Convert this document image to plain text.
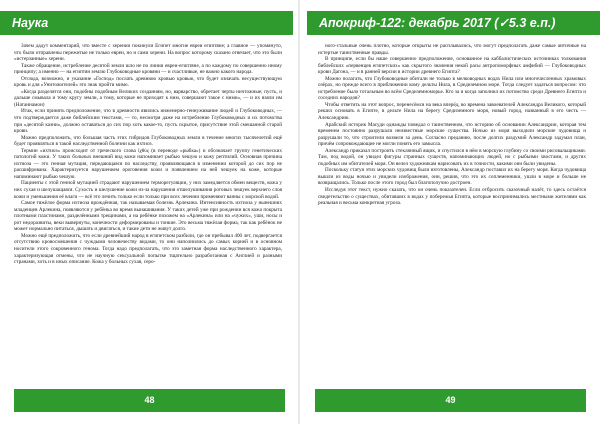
Наука

Зачем дадут комментарий, что вместе с херении покинули Египет многие евреи египтяне; а главное — упомянуто, что были отправлены пережитые не только евреи, но и сами херени. На вопрос которому сказано отвечает, что это были «истерзанные» херени.

Также обращение, истребление десятой земли шло не по линии евреи-египтяне, а по каждому по совершенно иному принципу; а именно — на египтян землю Глубоководные кровяни — и счастливые, не важно какого народа.

Отсюда, возможно, и указание «Господ» послать древнюю кровью кровью, что будет означать несуществующую кровь и для «Унитожителей» это знак пройти мимо.

«Когда разделятся они, подобны подобным Великих созданиям, но, варварство, обретает черты ничтожные; пусть, и дальше смывала и тому кругу земли, а тому, которые не приходят к ним, совершают такое с ними», — и их взяли им (Натаннамон)

Итак, если принять предположение, что в древности явились инженерно-геннуживание людей и Глубоководных, — что подтверждается даже библейским текстами, — то, несмотря даже на истребление Глубоководных и их потомства при «десятой казни», должно оставаться до сих пор хоть какое-то, пусть скрытое, присутствие этой смешанной старой крови.

Можно предположить, что большая часть этих гибридов Глубоководных земли в течение многих тысячелетий ещё будет проявляться в такой наследственной болезни как ихтиоз.

Термин «ихтиоз» происходит от греческого слова ἰχθύς (в переводе «рыбка») и обозначает группу генетических патологий кожи. У таких больных внешний вид кожи напоминает рыбью чешую и кожу рептилий. Основная причина ихтиоза — это генная мутация, передающаяся по наследству, проявляющаяся в изменении которой до сих пор не расшифрована. Характеризуется нарушением ороговения кожи и появлением на ней чешуек на коже, которые напоминают рыбью чешую.

Пациенты с этой генной мутацией страдают нарушением терморегуляции, у них замедляется обмен веществ, кожа у них сухая и шелушащаяся. Сухость и шелушение кожи из-за нарушения отшелушивания роговых чешуек верхнего слоя кожи и уменьшения её влаги — всё это лечить только если только при всех лечении применяют ванны с морской водой.

Самое тяжёлое форма ихтиоза врождённая, так называемая болезнь Арлекина. Интенсивность ихтиоза у нынешних младенцев Арлекина, появляются у ребёнка во время вынашивания. У таких детей уже при рождении вся кожа покрыта плотными пластинами, разделёнными трещинами, а на ребёнке похожем на «Арлекина» или на «чужих», уши, носы и рот недоразвиты, веки вывернуты, конечности деформированы и тонкие. Это весьма тяжёлая форма, так как ребёнок не может нормально питаться, дышать и двигаться, и такие дети не живут долго.

Можно ещё предположить, что если древнейший народ в египетском разбили, где он пребывал 400 лет, подвергается отсутствию кровосмешения с чуждыми человечеству видами, то они наполнились до самых корней и в основном носители этого сокровенного генома. Тогда надо предполагать, что это заметная форма наследственного характера, характеризующая отмены, что не научную сексуальной попытке тщательно разработанная с Англией и разными странами, хоть и в иных описание. Кожа у больных сухая, серо-

48
Апокриф-122: декабрь 2017 (✓5.3 е.п.)

ного-стальные очень плотно, которые открыты не расплывались, что могут предполагать даже самые античные на истертые таинственные правды.

В принципе, если бы наше совершенно предположение, основанное на каббалистических источниках толкования библейских «первенцев египетских» как скрытого значения некой расы антропоморфных амфибий — Глубоководных крови Дагона, — и в ранней версии в истории древнего Египта?

Можно полагать, что Глубоководные обитали не только в мелководных водах Нила или многочисленных храмовых озёрах, но прежде всего в приближении кому дельты Нила, в Средиземном море. Тогда следует задаться вопросом: что истребление было тотальным во всём Средиземноморье. Кто за и когда заполнил их потомство среди Древнего Египта и соседних народов?

Чтобы ответить на этот вопрос, перенесёмся на века вперёд, во времена завоевателей Александра Великого, который решил основать в Египте, в дельте Нила на берегу Средиземного моря, новый город, названный в его честь — Александрию.

Арабский историк Масуди однажды поведал о таинственном, что историю об основании Александрии, которая тем временем постоянно разрушали неизвестные морские существа. Ночью из моря выходили морские чудовища и разрушали то, что строители возвели за день. Согласно преданию, после долгих раздумий Александр задумал план, причём сопровождающие не могли понять его замысла.

Александр приказал построить стеклянный ящик, и спустился в нём в морскую глубину со своими рисовальщиками. Там, под водой, он увидел фигуры странных существ, напоминающих людей, но с рыбьими хвостами, и других подобных им обитателей моря. Он велел художникам нарисовать их в точности, какими они были увидены.

Поскольку статуи этих морских чудовищ были изготовлены, Александр поставил их на берегу моря. Когда чудовища вышли из воды ночью и увидели изображения, они, решив, что это их соплеменники, ушли в море и больше не возвращались. Только после этого город был благополучно достроен.

Исследуя этот текст, нужно сказать, что он очень показателен. Если отбросить сказочный налёт, то здесь остаётся свидетельство о существах, обитавших в водах у побережья Египта, которые воспринимались местными жителями как реальная и весьма конкретная угроза.

49
